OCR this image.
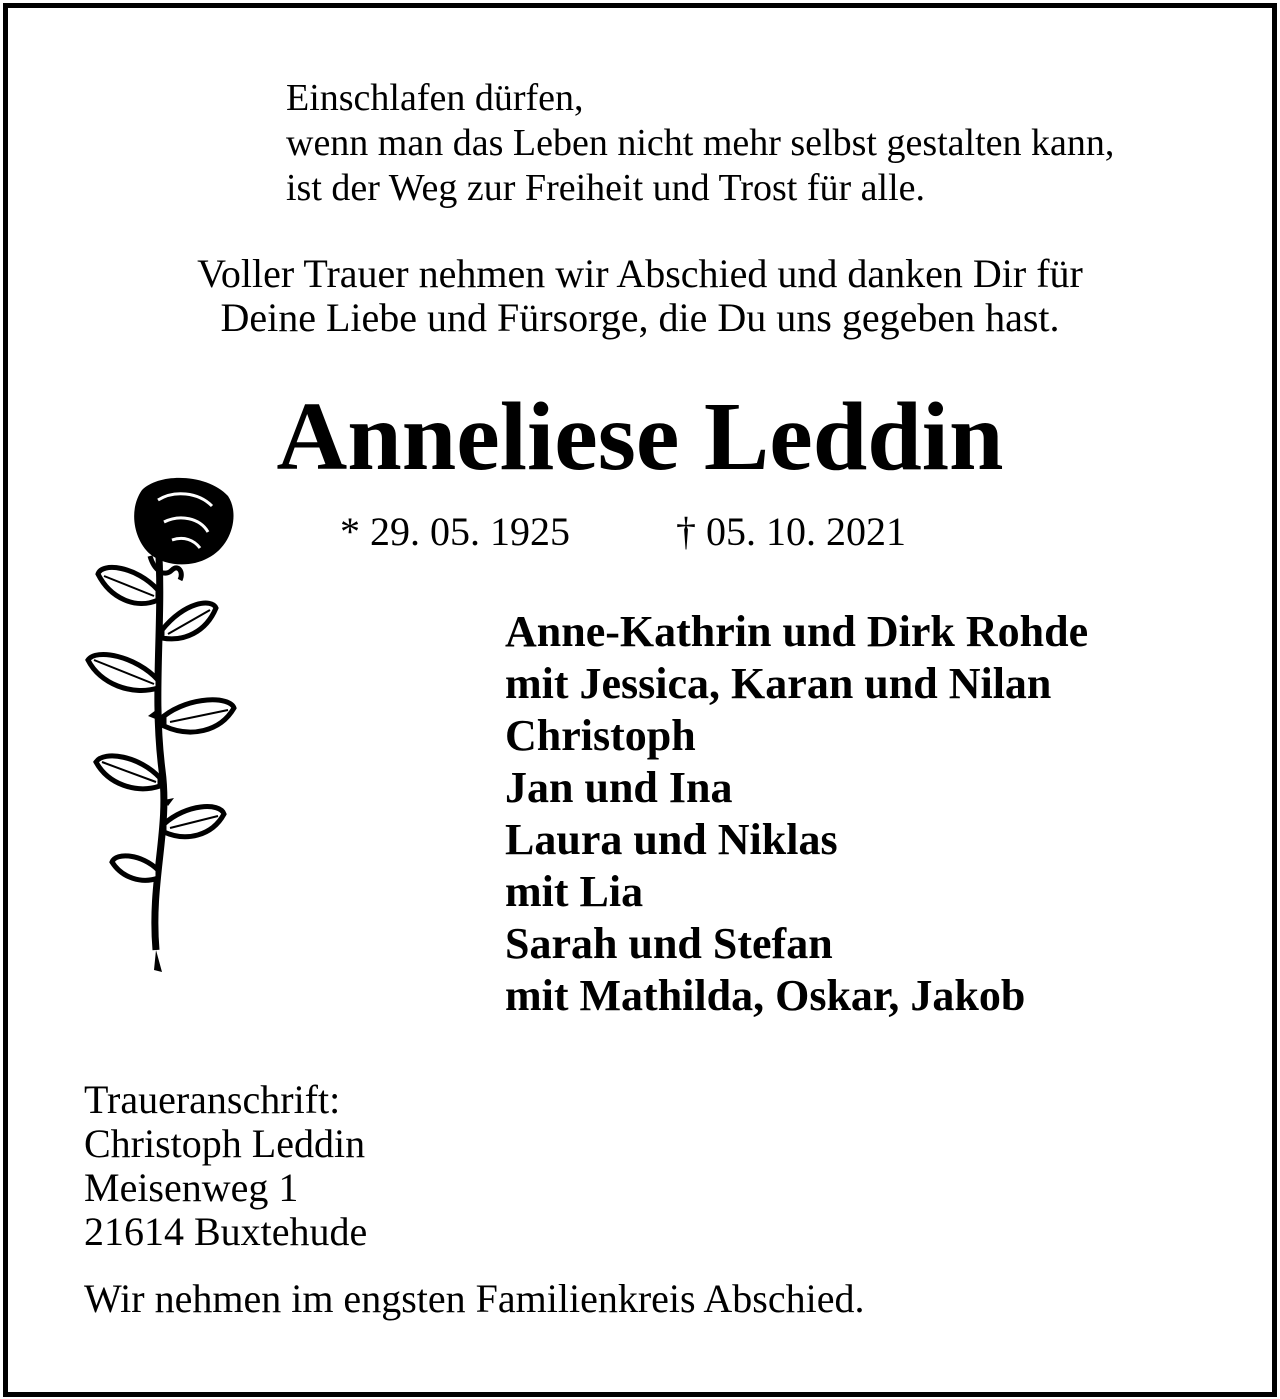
Einschlafen dürfen,
wenn man das Leben nicht mehr selbst gestalten kann,
ist der Weg zur Freiheit und Trost für alle.
Voller Trauer nehmen wir Abschied und danken Dir für
Deine Liebe und Fürsorge, die Du uns gegeben hast.
Anneliese Leddin
* 29. 05. 1925	† 05. 10. 2021
Anne-Kathrin und Dirk Rohde
mit Jessica, Karan und Nilan
Christoph
Jan und Ina
Laura und Niklas
mit Lia
Sarah und Stefan
mit Mathilda, Oskar, Jakob
Traueranschrift:
Christoph Leddin
Meisenweg 1
21614 Buxtehude
Wir nehmen im engsten Familienkreis Abschied.
